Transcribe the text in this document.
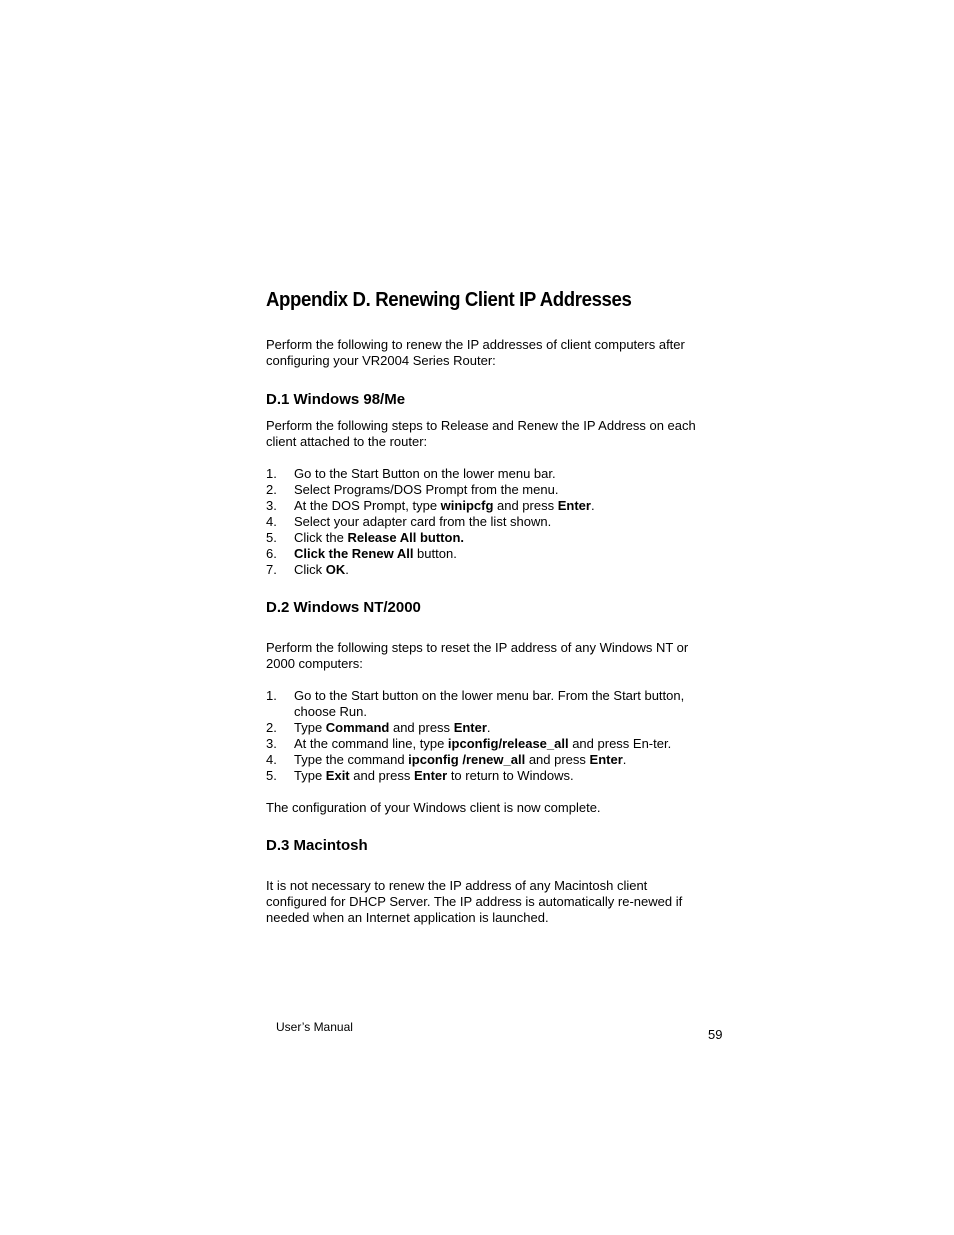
Appendix D. Renewing Client IP Addresses

Perform the following to renew the IP addresses of client computers after configuring your VR2004 Series Router:

D.1 Windows 98/Me

Perform the following steps to Release and Renew the IP Address on each client attached to the router:

1. Go to the Start Button on the lower menu bar.
2. Select Programs/DOS Prompt from the menu.
3. At the DOS Prompt, type winipcfg and press Enter.
4. Select your adapter card from the list shown.
5. Click the Release All button.
6. Click the Renew All button.
7. Click OK.
D.2 Windows NT/2000

Perform the following steps to reset the IP address of any Windows NT or 2000 computers:

1. Go to the Start button on the lower menu bar. From the Start button, choose Run.
2. Type Command and press Enter.
3. At the command line, type ipconfig/release_all and press En-ter.
4. Type the command ipconfig /renew_all and press Enter.
5. Type Exit and press Enter to return to Windows.

The configuration of your Windows client is now complete.

D.3 Macintosh

It is not necessary to renew the IP address of any Macintosh client configured for DHCP Server. The IP address is automatically re-newed if needed when an Internet application is launched.

User’s Manual	59
